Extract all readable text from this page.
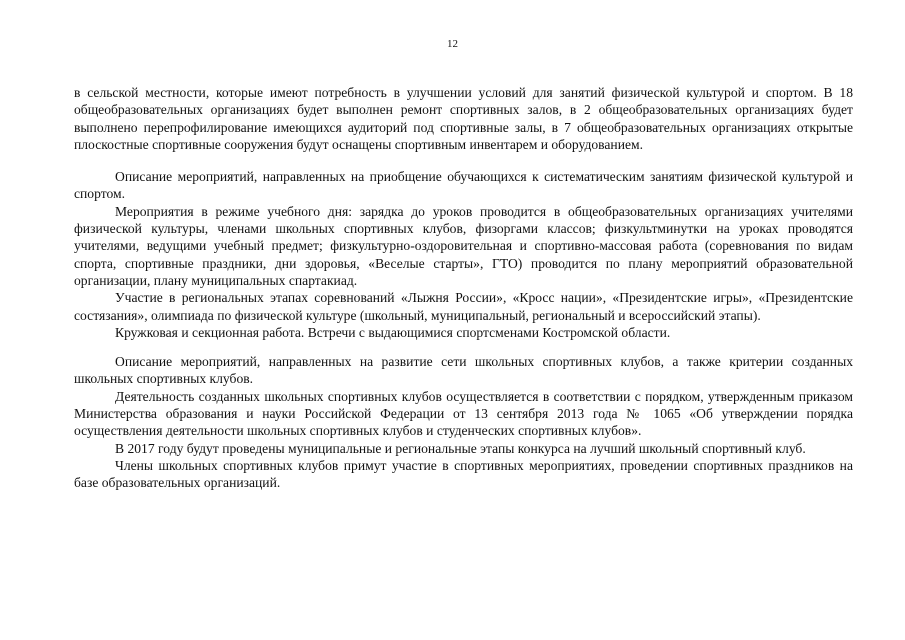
12

в сельской местности, которые имеют потребность в улучшении условий для занятий физической культурой и спортом. В 18 общеобразовательных организациях будет выполнен ремонт спортивных залов, в 2 общеобразовательных организациях будет выполнено перепрофилирование имеющихся аудиторий под спортивные залы, в 7 общеобразовательных организациях открытые плоскостные спортивные сооружения будут оснащены спортивным инвентарем и оборудованием.

Описание мероприятий, направленных на приобщение обучающихся к систематическим занятиям физической культурой и спортом.

Мероприятия в режиме учебного дня: зарядка до уроков проводится в общеобразовательных организациях учителями физической культуры, членами школьных спортивных клубов, физоргами классов; физкультминутки на уроках проводятся учителями, ведущими учебный предмет; физкультурно-оздоровительная и спортивно-массовая работа (соревнования по видам спорта, спортивные праздники, дни здоровья, «Веселые старты», ГТО) проводится по плану мероприятий образовательной организации, плану муниципальных спартакиад.

Участие в региональных этапах соревнований «Лыжня России», «Кросс нации», «Президентские игры», «Президентские состязания», олимпиада по физической культуре (школьный, муниципальный, региональный и всероссийский этапы).

Кружковая и секционная работа. Встречи с выдающимися спортсменами Костромской области.

Описание мероприятий, направленных на развитие сети школьных спортивных клубов, а также критерии созданных школьных спортивных клубов.

Деятельность созданных школьных спортивных клубов осуществляется в соответствии с порядком, утвержденным приказом Министерства образования и науки Российской Федерации от 13 сентября 2013 года № 1065 «Об утверждении порядка осуществления деятельности школьных спортивных клубов и студенческих спортивных клубов».

В 2017 году будут проведены муниципальные и региональные этапы конкурса на лучший школьный спортивный клуб.

Члены школьных спортивных клубов примут участие в спортивных мероприятиях, проведении спортивных праздников на базе образовательных организаций.
